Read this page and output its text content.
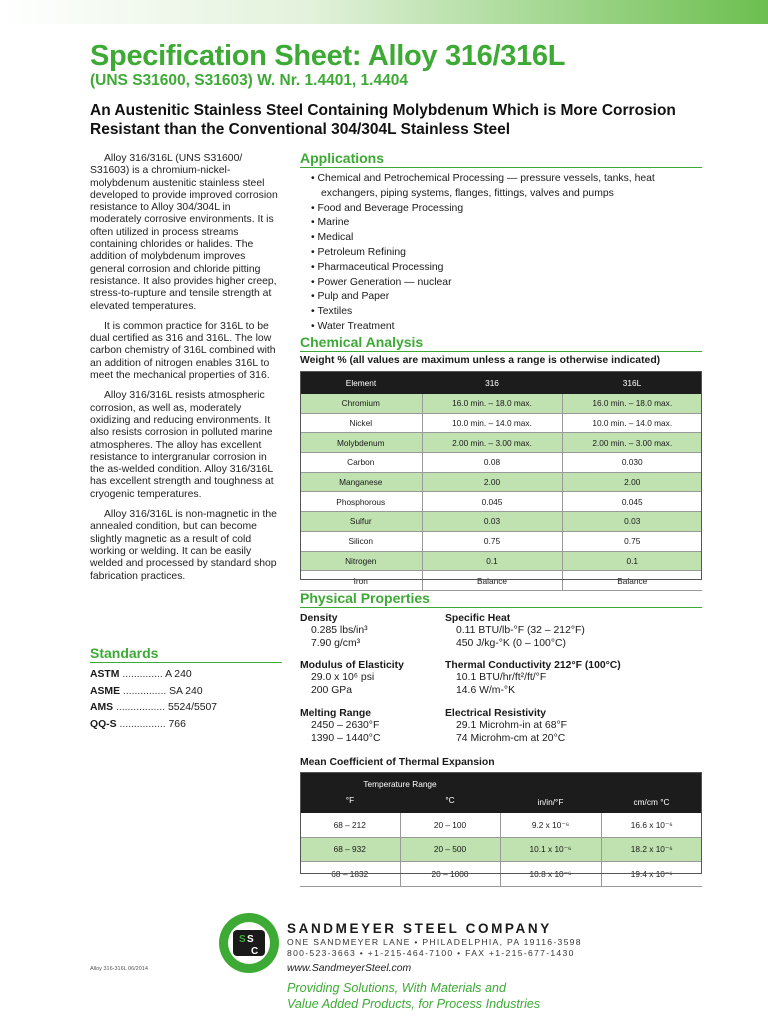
Specification Sheet: Alloy 316/316L
(UNS S31600, S31603) W. Nr. 1.4401, 1.4404
An Austenitic Stainless Steel Containing Molybdenum Which is More Corrosion Resistant than the Conventional 304/304L Stainless Steel

Alloy 316/316L (UNS S31600/ S31603) is a chromium-nickel-molybdenum austenitic stainless steel developed to provide improved corrosion resistance to Alloy 304/304L in moderately corrosive environments. It is often utilized in process streams containing chlorides or halides. The addition of molybdenum improves general corrosion and chloride pitting resistance. It also provides higher creep, stress-to-rupture and tensile strength at elevated temperatures.

It is common practice for 316L to be dual certified as 316 and 316L. The low carbon chemistry of 316L combined with an addition of nitrogen enables 316L to meet the mechanical properties of 316.

Alloy 316/316L resists atmospheric corrosion, as well as, moderately oxidizing and reducing environments. It also resists corrosion in polluted marine atmospheres. The alloy has excellent resistance to intergranular corrosion in the as-welded condition. Alloy 316/316L has excellent strength and toughness at cryogenic temperatures.

Alloy 316/316L is non-magnetic in the annealed condition, but can become slightly magnetic as a result of cold working or welding. It can be easily welded and processed by standard shop fabrication practices.

Standards
ASTM .............. A 240
ASME ............... SA 240
AMS ................. 5524/5507
QQ-S ................ 766
Applications
• Chemical and Petrochemical Processing — pressure vessels, tanks, heat exchangers, piping systems, flanges, fittings, valves and pumps
• Food and Beverage Processing
• Marine
• Medical
• Petroleum Refining
• Pharmaceutical Processing
• Power Generation — nuclear
• Pulp and Paper
• Textiles
• Water Treatment
Chemical Analysis
Weight % (all values are maximum unless a range is otherwise indicated)
Element	316	316L
Chromium	16.0 min. – 18.0 max.	16.0 min. – 18.0 max.
Nickel	10.0 min. – 14.0 max.	10.0 min. – 14.0 max.
Molybdenum	2.00 min. – 3.00 max.	2.00 min. – 3.00 max.
Carbon	0.08	0.030
Manganese	2.00	2.00
Phosphorous	0.045	0.045
Sulfur	0.03	0.03
Silicon	0.75	0.75
Nitrogen	0.1	0.1
Iron	Balance	Balance
Physical Properties
Density
0.285 lbs/in³
7.90 g/cm³
Modulus of Elasticity
29.0 x 10⁶ psi
200 GPa
Melting Range
2450 – 2630°F
1390 – 1440°C
Specific Heat
0.11 BTU/lb-°F (32 – 212°F)
450 J/kg-°K (0 – 100°C)
Thermal Conductivity 212°F (100°C)
10.1 BTU/hr/ft²/ft/°F
14.6 W/m-°K
Electrical Resistivity
29.1 Microhm-in at 68°F
74 Microhm-cm at 20°C
Mean Coefficient of Thermal Expansion
Temperature Range		in/in/°F	cm/cm °C
°F	°C		
68 – 212	20 – 100	9.2 x 10⁻⁶	16.6 x 10⁻⁶
68 – 932	20 – 500	10.1 x 10⁻⁶	18.2 x 10⁻⁶
68 – 1832	20 – 1000	10.8 x 10⁻⁶	19.4 x 10⁻⁶
Alloy 316-316L 06/2014
S S
C
SANDMEYER STEEL COMPANY
ONE SANDMEYER LANE • PHILADELPHIA, PA 19116-3598
800-523-3663 • +1-215-464-7100 • FAX +1-215-677-1430
www.SandmeyerSteel.com
Providing Solutions, With Materials and
Value Added Products, for Process Industries
